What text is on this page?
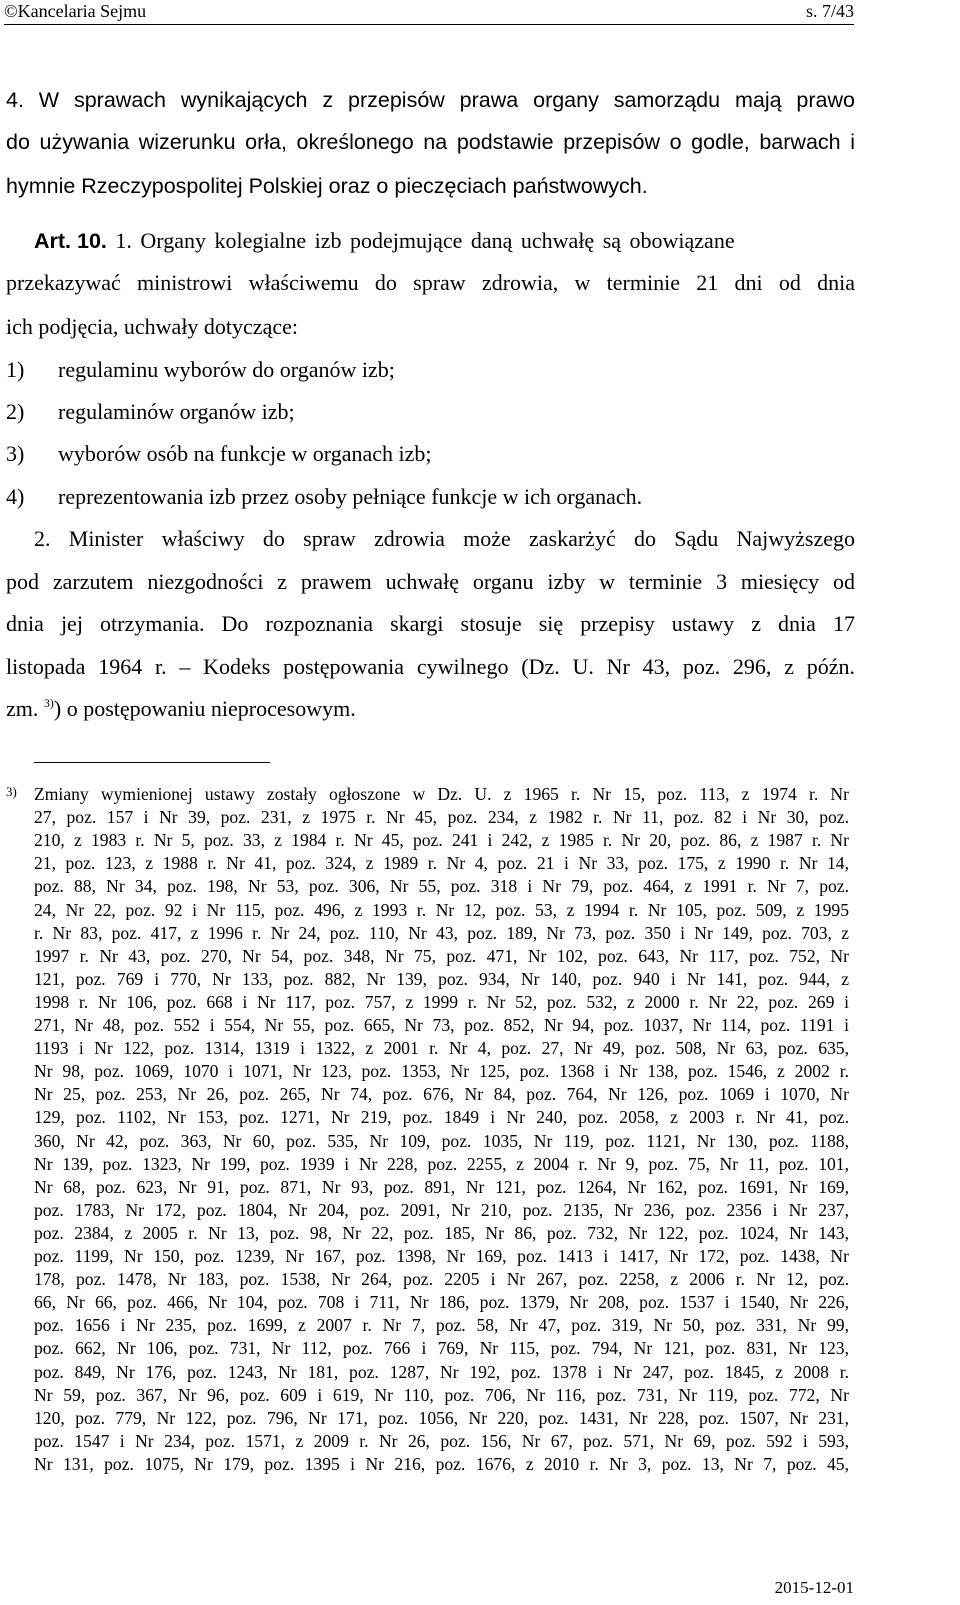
©Kancelaria Sejmu	s. 7/43
4. W sprawach wynikających z przepisów prawa organy samorządu mają prawo
do używania wizerunku orła, określonego na podstawie przepisów o godle, barwach i
hymnie Rzeczypospolitej Polskiej oraz o pieczęciach państwowych.
Art. 10. 1. Organy kolegialne izb podejmujące daną uchwałę są obowiązane
przekazywać ministrowi właściwemu do spraw zdrowia, w terminie 21 dni od dnia
ich podjęcia, uchwały dotyczące:
1) regulaminu wyborów do organów izb;
2) regulaminów organów izb;
3) wyborów osób na funkcje w organach izb;
4) reprezentowania izb przez osoby pełniące funkcje w ich organach.
2. Minister właściwy do spraw zdrowia może zaskarżyć do Sądu Najwyższego
pod zarzutem niezgodności z prawem uchwałę organu izby w terminie 3 miesięcy od
dnia jej otrzymania. Do rozpoznania skargi stosuje się przepisy ustawy z dnia 17
listopada 1964 r. – Kodeks postępowania cywilnego (Dz. U. Nr 43, poz. 296, z późn.
zm. $^{3)}$) o postępowaniu nieprocesowym.
3) Zmiany wymienionej ustawy zostały ogłoszone w Dz. U. z 1965 r. Nr 15, poz. 113, z 1974 r. Nr
27, poz. 157 i Nr 39, poz. 231, z 1975 r. Nr 45, poz. 234, z 1982 r. Nr 11, poz. 82 i Nr 30, poz.
210, z 1983 r. Nr 5, poz. 33, z 1984 r. Nr 45, poz. 241 i 242, z 1985 r. Nr 20, poz. 86, z 1987 r. Nr
21, poz. 123, z 1988 r. Nr 41, poz. 324, z 1989 r. Nr 4, poz. 21 i Nr 33, poz. 175, z 1990 r. Nr 14,
poz. 88, Nr 34, poz. 198, Nr 53, poz. 306, Nr 55, poz. 318 i Nr 79, poz. 464, z 1991 r. Nr 7, poz.
24, Nr 22, poz. 92 i Nr 115, poz. 496, z 1993 r. Nr 12, poz. 53, z 1994 r. Nr 105, poz. 509, z 1995
r. Nr 83, poz. 417, z 1996 r. Nr 24, poz. 110, Nr 43, poz. 189, Nr 73, poz. 350 i Nr 149, poz. 703, z
1997 r. Nr 43, poz. 270, Nr 54, poz. 348, Nr 75, poz. 471, Nr 102, poz. 643, Nr 117, poz. 752, Nr
121, poz. 769 i 770, Nr 133, poz. 882, Nr 139, poz. 934, Nr 140, poz. 940 i Nr 141, poz. 944, z
1998 r. Nr 106, poz. 668 i Nr 117, poz. 757, z 1999 r. Nr 52, poz. 532, z 2000 r. Nr 22, poz. 269 i
271, Nr 48, poz. 552 i 554, Nr 55, poz. 665, Nr 73, poz. 852, Nr 94, poz. 1037, Nr 114, poz. 1191 i
1193 i Nr 122, poz. 1314, 1319 i 1322, z 2001 r. Nr 4, poz. 27, Nr 49, poz. 508, Nr 63, poz. 635,
Nr 98, poz. 1069, 1070 i 1071, Nr 123, poz. 1353, Nr 125, poz. 1368 i Nr 138, poz. 1546, z 2002 r.
Nr 25, poz. 253, Nr 26, poz. 265, Nr 74, poz. 676, Nr 84, poz. 764, Nr 126, poz. 1069 i 1070, Nr
129, poz. 1102, Nr 153, poz. 1271, Nr 219, poz. 1849 i Nr 240, poz. 2058, z 2003 r. Nr 41, poz.
360, Nr 42, poz. 363, Nr 60, poz. 535, Nr 109, poz. 1035, Nr 119, poz. 1121, Nr 130, poz. 1188,
Nr 139, poz. 1323, Nr 199, poz. 1939 i Nr 228, poz. 2255, z 2004 r. Nr 9, poz. 75, Nr 11, poz. 101,
Nr 68, poz. 623, Nr 91, poz. 871, Nr 93, poz. 891, Nr 121, poz. 1264, Nr 162, poz. 1691, Nr 169,
poz. 1783, Nr 172, poz. 1804, Nr 204, poz. 2091, Nr 210, poz. 2135, Nr 236, poz. 2356 i Nr 237,
poz. 2384, z 2005 r. Nr 13, poz. 98, Nr 22, poz. 185, Nr 86, poz. 732, Nr 122, poz. 1024, Nr 143,
poz. 1199, Nr 150, poz. 1239, Nr 167, poz. 1398, Nr 169, poz. 1413 i 1417, Nr 172, poz. 1438, Nr
178, poz. 1478, Nr 183, poz. 1538, Nr 264, poz. 2205 i Nr 267, poz. 2258, z 2006 r. Nr 12, poz.
66, Nr 66, poz. 466, Nr 104, poz. 708 i 711, Nr 186, poz. 1379, Nr 208, poz. 1537 i 1540, Nr 226,
poz. 1656 i Nr 235, poz. 1699, z 2007 r. Nr 7, poz. 58, Nr 47, poz. 319, Nr 50, poz. 331, Nr 99,
poz. 662, Nr 106, poz. 731, Nr 112, poz. 766 i 769, Nr 115, poz. 794, Nr 121, poz. 831, Nr 123,
poz. 849, Nr 176, poz. 1243, Nr 181, poz. 1287, Nr 192, poz. 1378 i Nr 247, poz. 1845, z 2008 r.
Nr 59, poz. 367, Nr 96, poz. 609 i 619, Nr 110, poz. 706, Nr 116, poz. 731, Nr 119, poz. 772, Nr
120, poz. 779, Nr 122, poz. 796, Nr 171, poz. 1056, Nr 220, poz. 1431, Nr 228, poz. 1507, Nr 231,
poz. 1547 i Nr 234, poz. 1571, z 2009 r. Nr 26, poz. 156, Nr 67, poz. 571, Nr 69, poz. 592 i 593,
Nr 131, poz. 1075, Nr 179, poz. 1395 i Nr 216, poz. 1676, z 2010 r. Nr 3, poz. 13, Nr 7, poz. 45,
2015-12-01
